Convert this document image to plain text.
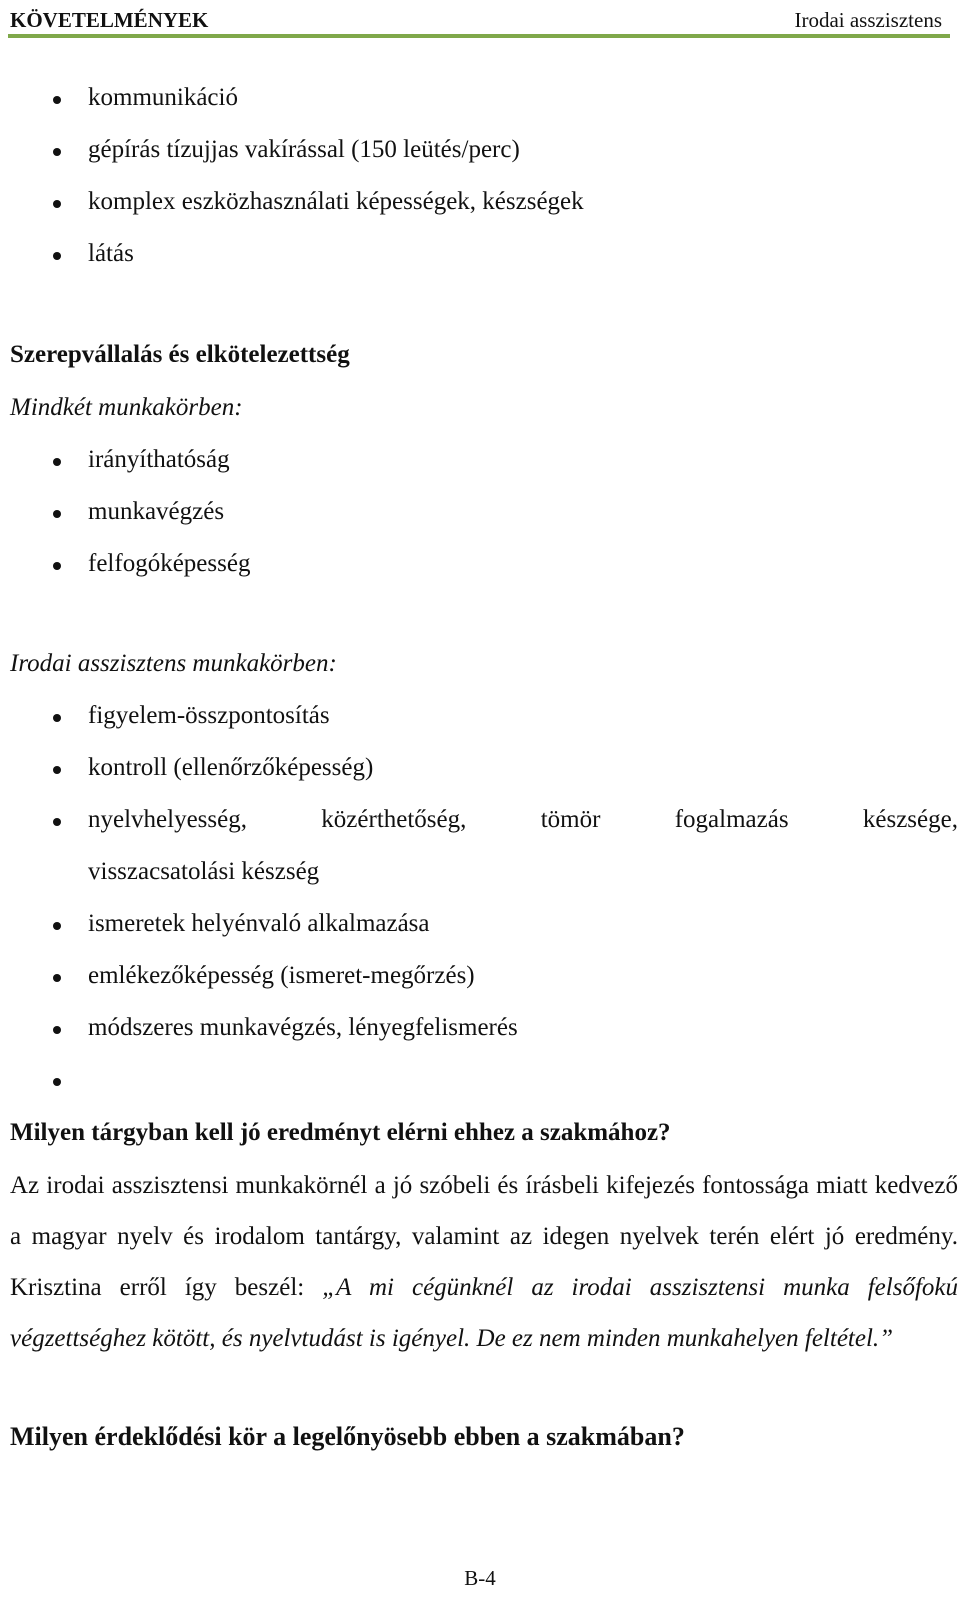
KÖVETELMÉNYEK	Irodai asszisztens
kommunikáció
gépírás tízujjas vakírással (150 leütés/perc)
komplex eszközhasználati képességek, készségek
látás
Szerepvállalás és elkötelezettség
Mindkét munkakörben:
irányíthatóság
munkavégzés
felfogóképesség
Irodai asszisztens munkakörben:
figyelem-összpontosítás
kontroll (ellenőrzőképesség)
nyelvhelyesség,	közérthetőség,	tömör	fogalmazás	készsége,
visszacsatolási készség
ismeretek helyénvaló alkalmazása
emlékezőképesség (ismeret-megőrzés)
módszeres munkavégzés, lényegfelismerés
Milyen tárgyban kell jó eredményt elérni ehhez a szakmához?
Az irodai asszisztensi munkakörnél a jó szóbeli és írásbeli kifejezés fontossága miatt kedvező a magyar nyelv és irodalom tantárgy, valamint az idegen nyelvek terén elért jó eredmény. Krisztina erről így beszél: „A mi cégünknél az irodai asszisztensi munka felsőfokú végzettséghez kötött, és nyelvtudást is igényel. De ez nem minden munkahelyen feltétel.”
Milyen érdeklődési kör a legelőnyösebb ebben a szakmában?
B-4
